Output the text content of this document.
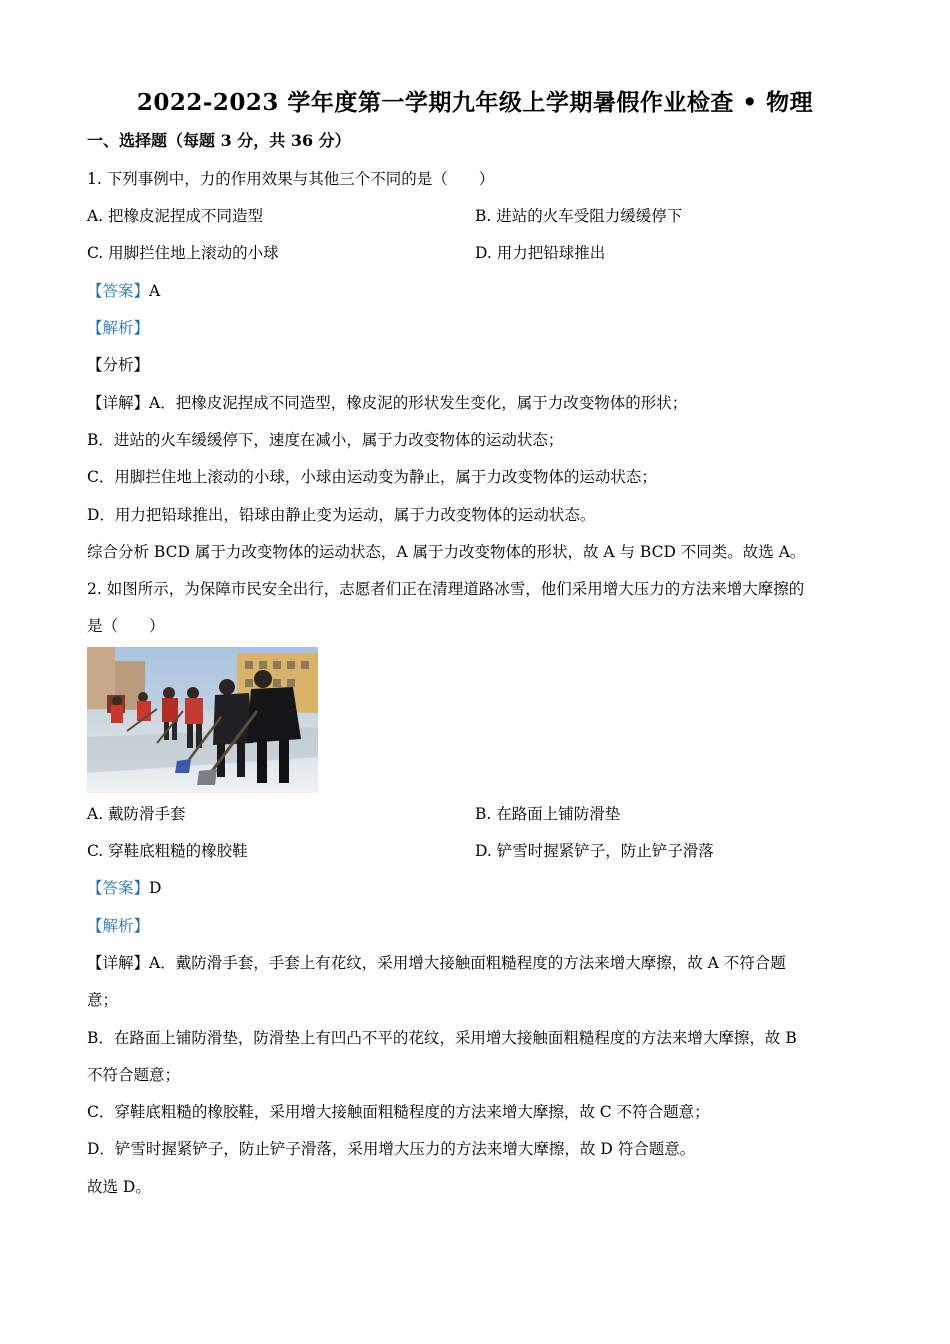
2022-2023 学年度第一学期九年级上学期暑假作业检查 • 物理
一、选择题（每题 3 分，共 36 分）
1. 下列事例中，力的作用效果与其他三个不同的是（　　）
A. 把橡皮泥捏成不同造型	B. 进站的火车受阻力缓缓停下
C. 用脚拦住地上滚动的小球	D. 用力把铅球推出
【答案】A
【解析】
【分析】
【详解】A．把橡皮泥捏成不同造型，橡皮泥的形状发生变化，属于力改变物体的形状；
B．进站的火车缓缓停下，速度在减小，属于力改变物体的运动状态；
C．用脚拦住地上滚动的小球，小球由运动变为静止，属于力改变物体的运动状态；
D．用力把铅球推出，铅球由静止变为运动，属于力改变物体的运动状态。
综合分析 BCD 属于力改变物体的运动状态，A 属于力改变物体的形状，故 A 与 BCD 不同类。故选 A。
2. 如图所示，为保障市民安全出行，志愿者们正在清理道路冰雪，他们采用增大压力的方法来增大摩擦的
是（　　）
A. 戴防滑手套	B. 在路面上铺防滑垫
C. 穿鞋底粗糙的橡胶鞋	D. 铲雪时握紧铲子，防止铲子滑落
【答案】D
【解析】
【详解】A．戴防滑手套，手套上有花纹，采用增大接触面粗糙程度的方法来增大摩擦，故 A 不符合题
意；
B．在路面上铺防滑垫，防滑垫上有凹凸不平的花纹，采用增大接触面粗糙程度的方法来增大摩擦，故 B
不符合题意；
C．穿鞋底粗糙的橡胶鞋，采用增大接触面粗糙程度的方法来增大摩擦，故 C 不符合题意；
D．铲雪时握紧铲子，防止铲子滑落，采用增大压力的方法来增大摩擦，故 D 符合题意。
故选 D。
